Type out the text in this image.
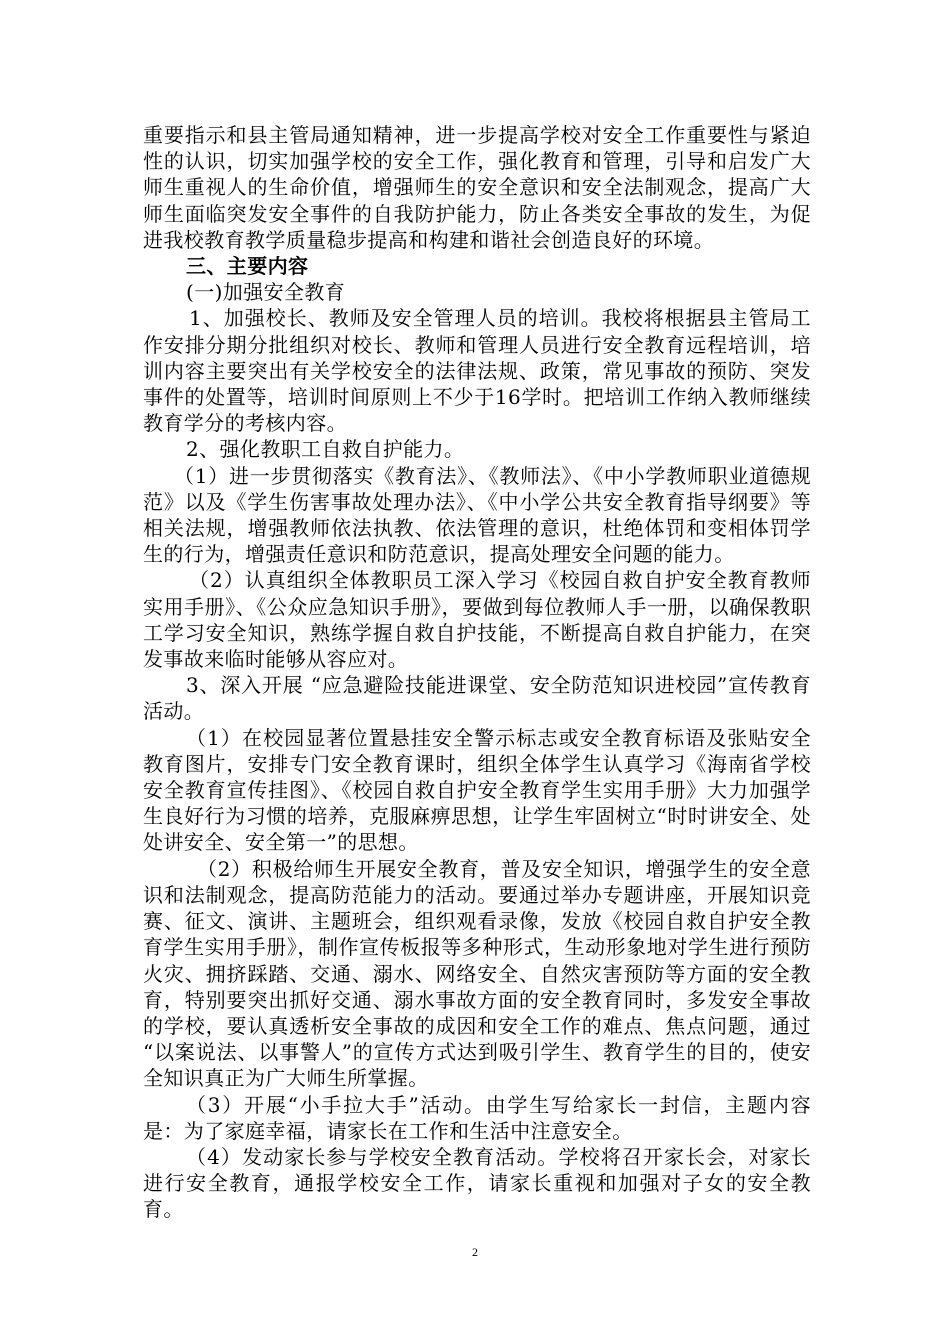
重要指示和县主管局通知精神，进一步提高学校对安全工作重要性与紧迫性的认识，切实加强学校的安全工作，强化教育和管理，引导和启发广大师生重视人的生命价值，增强师生的安全意识和安全法制观念，提高广大师生面临突发安全事件的自我防护能力，防止各类安全事故的发生，为促进我校教育教学质量稳步提高和构建和谐社会创造良好的环境。

三、主要内容

(一)加强安全教育

1、加强校长、教师及安全管理人员的培训。我校将根据县主管局工作安排分期分批组织对校长、教师和管理人员进行安全教育远程培训，培训内容主要突出有关学校安全的法律法规、政策，常见事故的预防、突发事件的处置等，培训时间原则上不少于16学时。把培训工作纳入教师继续教育学分的考核内容。

2、强化教职工自救自护能力。

（1）进一步贯彻落实《教育法》、《教师法》、《中小学教师职业道德规范》以及《学生伤害事故处理办法》、《中小学公共安全教育指导纲要》等相关法规，增强教师依法执教、依法管理的意识，杜绝体罚和变相体罚学生的行为，增强责任意识和防范意识，提高处理安全问题的能力。

（2）认真组织全体教职员工深入学习《校园自救自护安全教育教师实用手册》、《公众应急知识手册》，要做到每位教师人手一册，以确保教职工学习安全知识，熟练学握自救自护技能，不断提高自救自护能力，在突发事故来临时能够从容应对。

3、深入开展 “应急避险技能进课堂、安全防范知识进校园”宣传教育活动。

（1）在校园显著位置悬挂安全警示标志或安全教育标语及张贴安全教育图片，安排专门安全教育课时，组织全体学生认真学习《海南省学校安全教育宣传挂图》、《校园自救自护安全教育学生实用手册》大力加强学生良好行为习惯的培养，克服麻痹思想，让学生牢固树立“时时讲安全、处处讲安全、安全第一”的思想。

（2）积极给师生开展安全教育，普及安全知识，增强学生的安全意识和法制观念，提高防范能力的活动。要通过举办专题讲座，开展知识竞赛、征文、演讲、主题班会，组织观看录像，发放《校园自救自护安全教育学生实用手册》，制作宣传板报等多种形式，生动形象地对学生进行预防火灾、拥挤踩踏、交通、溺水、网络安全、自然灾害预防等方面的安全教育，特别要突出抓好交通、溺水事故方面的安全教育同时，多发安全事故的学校，要认真透析安全事故的成因和安全工作的难点、焦点问题，通过 “以案说法、以事警人”的宣传方式达到吸引学生、教育学生的目的，使安全知识真正为广大师生所掌握。

（3）开展“小手拉大手”活动。由学生写给家长一封信，主题内容是：为了家庭幸福，请家长在工作和生活中注意安全。

（4）发动家长参与学校安全教育活动。学校将召开家长会，对家长进行安全教育，通报学校安全工作，请家长重视和加强对子女的安全教育。

2
